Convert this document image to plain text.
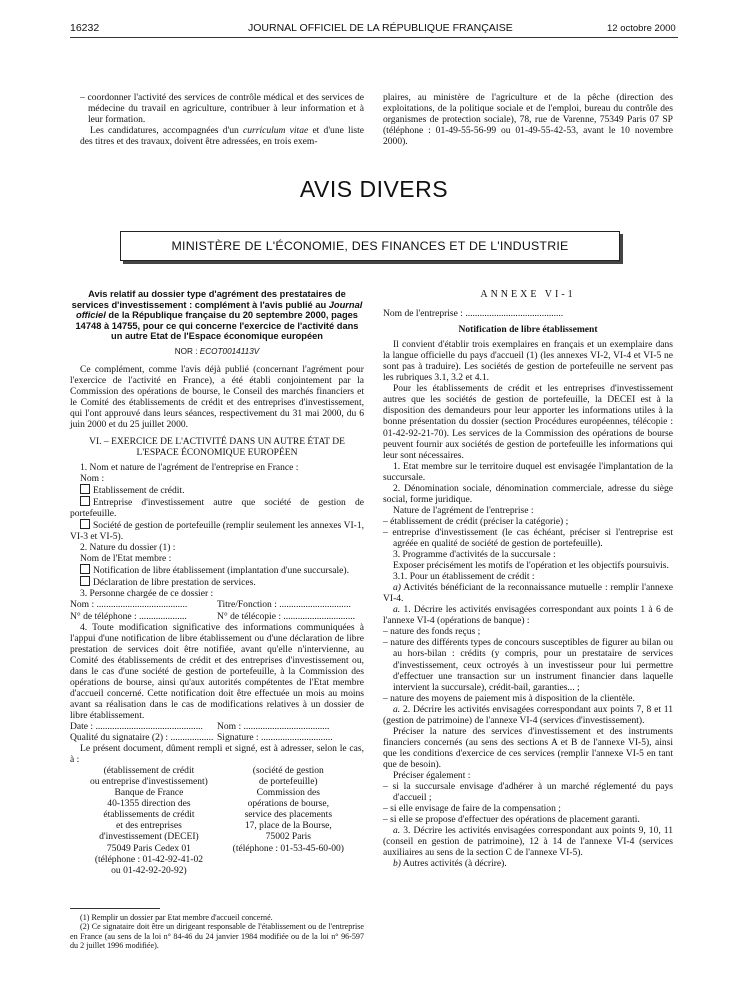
16232	JOURNAL OFFICIEL DE LA RÉPUBLIQUE FRANÇAISE	12 octobre 2000

– coordonner l'activité des services de contrôle médical et des services de médecine du travail en agriculture, contribuer à leur information et à leur formation.

Les candidatures, accompagnées d'un curriculum vitae et d'une liste des titres et des travaux, doivent être adressées, en trois exem-

plaires, au ministère de l'agriculture et de la pêche (direction des exploitations, de la politique sociale et de l'emploi, bureau du contrôle des organismes de protection sociale), 78, rue de Varenne, 75349 Paris 07 SP (téléphone : 01-49-55-56-99 ou 01-49-55-42-53, avant le 10 novembre 2000).

AVIS DIVERS
MINISTÈRE DE L'ÉCONOMIE, DES FINANCES ET DE L'INDUSTRIE

Avis relatif au dossier type d'agrément des prestataires de services d'investissement : complément à l'avis publié au Journal officiel de la République française du 20 septembre 2000, pages 14748 à 14755, pour ce qui concerne l'exercice de l'activité dans un autre Etat de l'Espace économique européen

NOR : ECOT0014113V

Ce complément, comme l'avis déjà publié (concernant l'agrément pour l'exercice de l'activité en France), a été établi conjointement par la Commission des opérations de bourse, le Conseil des marchés financiers et le Comité des établissements de crédit et des entreprises d'investissement, qui l'ont approuvé dans leurs séances, respectivement du 31 mai 2000, du 6 juin 2000 et du 25 juillet 2000.

VI. – EXERCICE DE L'ACTIVITÉ DANS UN AUTRE ÉTAT DE L'ESPACE ÉCONOMIQUE EUROPÉEN

1. Nom et nature de l'agrément de l'entreprise en France :

Nom :

Etablissement de crédit.

Entreprise d'investissement autre que société de gestion de portefeuille.

Société de gestion de portefeuille (remplir seulement les annexes VI-1, VI-3 et VI-5).

2. Nature du dossier (1) :

Nom de l'Etat membre :

Notification de libre établissement (implantation d'une succursale).

Déclaration de libre prestation de services.

3. Personne chargée de ce dossier :

Nom : ......................................	Titre/Fonction : ..............................
N° de téléphone : ....................	N° de télécopie : ..............................

4. Toute modification significative des informations communiquées à l'appui d'une notification de libre établissement ou d'une déclaration de libre prestation de services doit être notifiée, avant qu'elle n'intervienne, au Comité des établissements de crédit et des entreprises d'investissement ou, dans le cas d'une société de gestion de portefeuille, à la Commission des opérations de bourse, ainsi qu'aux autorités compétentes de l'Etat membre d'accueil concerné. Cette notification doit être effectuée un mois au moins avant sa réalisation dans le cas de modifications relatives à un dossier de libre établissement.

Date : .............................................	Nom : ....................................
Qualité du signataire (2) : .................. Signature : ..............................

Le présent document, dûment rempli et signé, est à adresser, selon le cas, à :

(établissement de crédit
ou entreprise d'investissement)
Banque de France
40-1355 direction des
établissements de crédit
et des entreprises
d'investissement (DECEI)
75049 Paris Cedex 01
(téléphone : 01-42-92-41-02
ou 01-42-92-20-92)
(société de gestion
de portefeuille)
Commission des
opérations de bourse,
service des placements
17, place de la Bourse,
75002 Paris
(téléphone : 01-53-45-60-00)

(1) Remplir un dossier par Etat membre d'accueil concerné.

(2) Ce signataire doit être un dirigeant responsable de l'établissement ou de l'entreprise en France (au sens de la loi n° 84-46 du 24 janvier 1984 modifiée ou de la loi n° 96-597 du 2 juillet 1996 modifiée).

ANNEXE VI-1

Nom de l'entreprise : .........................................

Notification de libre établissement

Il convient d'établir trois exemplaires en français et un exemplaire dans la langue officielle du pays d'accueil (1) (les annexes VI-2, VI-4 et VI-5 ne sont pas à traduire). Les sociétés de gestion de portefeuille ne servent pas les rubriques 3.1, 3.2 et 4.1.

Pour les établissements de crédit et les entreprises d'investissement autres que les sociétés de gestion de portefeuille, la DECEI est à la disposition des demandeurs pour leur apporter les informations utiles à la bonne présentation du dossier (section Procédures européennes, télécopie : 01-42-92-21-70). Les services de la Commission des opérations de bourse peuvent fournir aux sociétés de gestion de portefeuille les informations qui leur sont nécessaires.

1. Etat membre sur le territoire duquel est envisagée l'implantation de la succursale.

2. Dénomination sociale, dénomination commerciale, adresse du siège social, forme juridique.

Nature de l'agrément de l'entreprise :

– établissement de crédit (préciser la catégorie) ;

– entreprise d'investissement (le cas échéant, préciser si l'entreprise est agréée en qualité de société de gestion de portefeuille).

3. Programme d'activités de la succursale :

Exposer précisément les motifs de l'opération et les objectifs poursuivis.

3.1. Pour un établissement de crédit :

a) Activités bénéficiant de la reconnaissance mutuelle : remplir l'annexe VI-4.

a. 1. Décrire les activités envisagées correspondant aux points 1 à 6 de l'annexe VI-4 (opérations de banque) :

– nature des fonds reçus ;

– nature des différents types de concours susceptibles de figurer au bilan ou au hors-bilan : crédits (y compris, pour un prestataire de services d'investissement, ceux octroyés à un investisseur pour lui permettre d'effectuer une transaction sur un instrument financier dans laquelle intervient la succursale), crédit-bail, garanties... ;

– nature des moyens de paiement mis à disposition de la clientèle.

a. 2. Décrire les activités envisagées correspondant aux points 7, 8 et 11 (gestion de patrimoine) de l'annexe VI-4 (services d'investissement).

Préciser la nature des services d'investissement et des instruments financiers concernés (au sens des sections A et B de l'annexe VI-5), ainsi que les conditions d'exercice de ces services (remplir l'annexe VI-5 en tant que de besoin).

Préciser également :

– si la succursale envisage d'adhérer à un marché réglementé du pays d'accueil ;

– si elle envisage de faire de la compensation ;

– si elle se propose d'effectuer des opérations de placement garanti.

a. 3. Décrire les activités envisagées correspondant aux points 9, 10, 11 (conseil en gestion de patrimoine), 12 à 14 de l'annexe VI-4 (services auxiliaires au sens de la section C de l'annexe VI-5).

b) Autres activités (à décrire).
